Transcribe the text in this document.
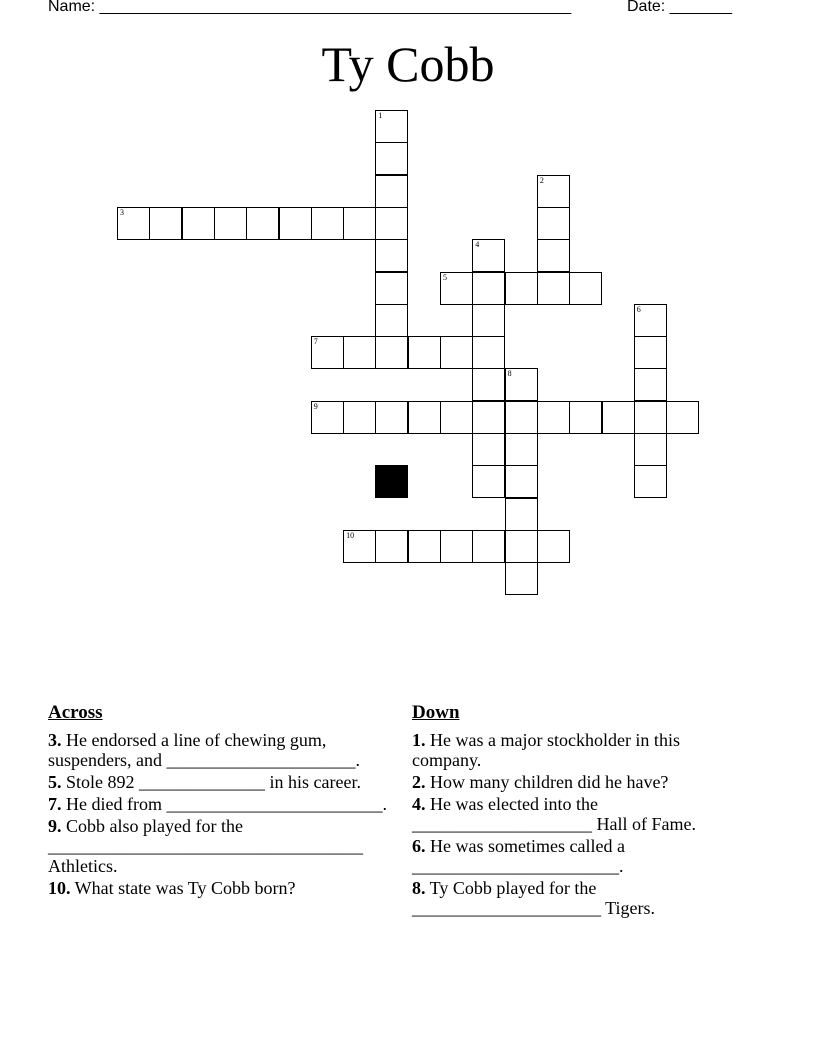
Name: _____________________________________________________	Date: _______
Ty Cobb
1
2
3
4
5
6
7
8
9
10
Across
3. He endorsed a line of chewing gum, suspenders, and _____________________.
5. Stole 892 ______________ in his career.
7. He died from ________________________.
9. Cobb also played for the ___________________________________ Athletics.
10. What state was Ty Cobb born?
Down
1. He was a major stockholder in this company.
2. How many children did he have?
4. He was elected into the ____________________ Hall of Fame.
6. He was sometimes called a _______________________.
8. Ty Cobb played for the _____________________ Tigers.
